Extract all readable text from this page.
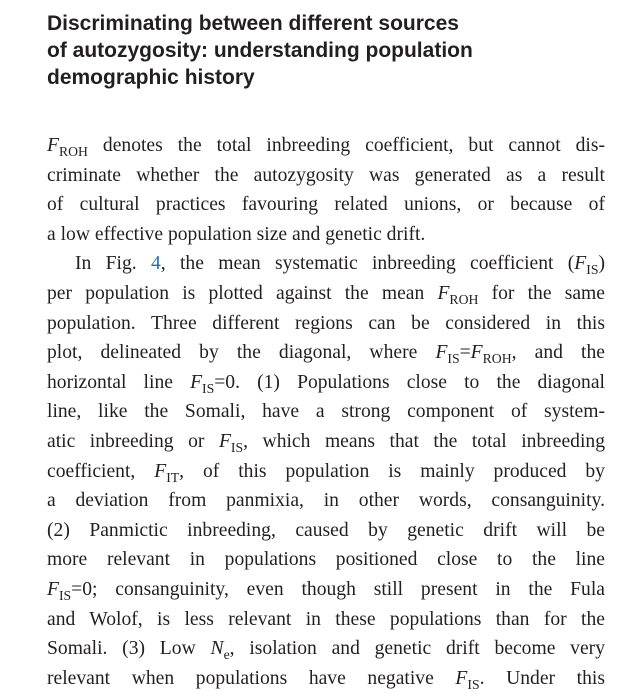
Discriminating between different sources
of autozygosity: understanding population
demographic history
$F_{ROH}$ denotes the total inbreeding coefficient, but cannot dis-
criminate whether the autozygosity was generated as a result
of cultural practices favouring related unions, or because of
a low effective population size and genetic drift.
In Fig. 4, the mean systematic inbreeding coefficient $(F_{IS})$
per population is plotted against the mean $F_{ROH}$ for the same
population. Three different regions can be considered in this
plot, delineated by the diagonal, where $F_{IS}=F_{ROH}$, and the
horizontal line $F_{IS}=0$. (1) Populations close to the diagonal
line, like the Somali, have a strong component of system-
atic inbreeding or $F_{IS}$, which means that the total inbreeding
coefficient, $F_{IT}$, of this population is mainly produced by
a deviation from panmixia, in other words, consanguinity.
(2) Panmictic inbreeding, caused by genetic drift will be
more relevant in populations positioned close to the line
$F_{IS}=0$; consanguinity, even though still present in the Fula
and Wolof, is less relevant in these populations than for the
Somali. (3) Low $N_e$, isolation and genetic drift become very
relevant when populations have negative $F_{IS}$. Under this
